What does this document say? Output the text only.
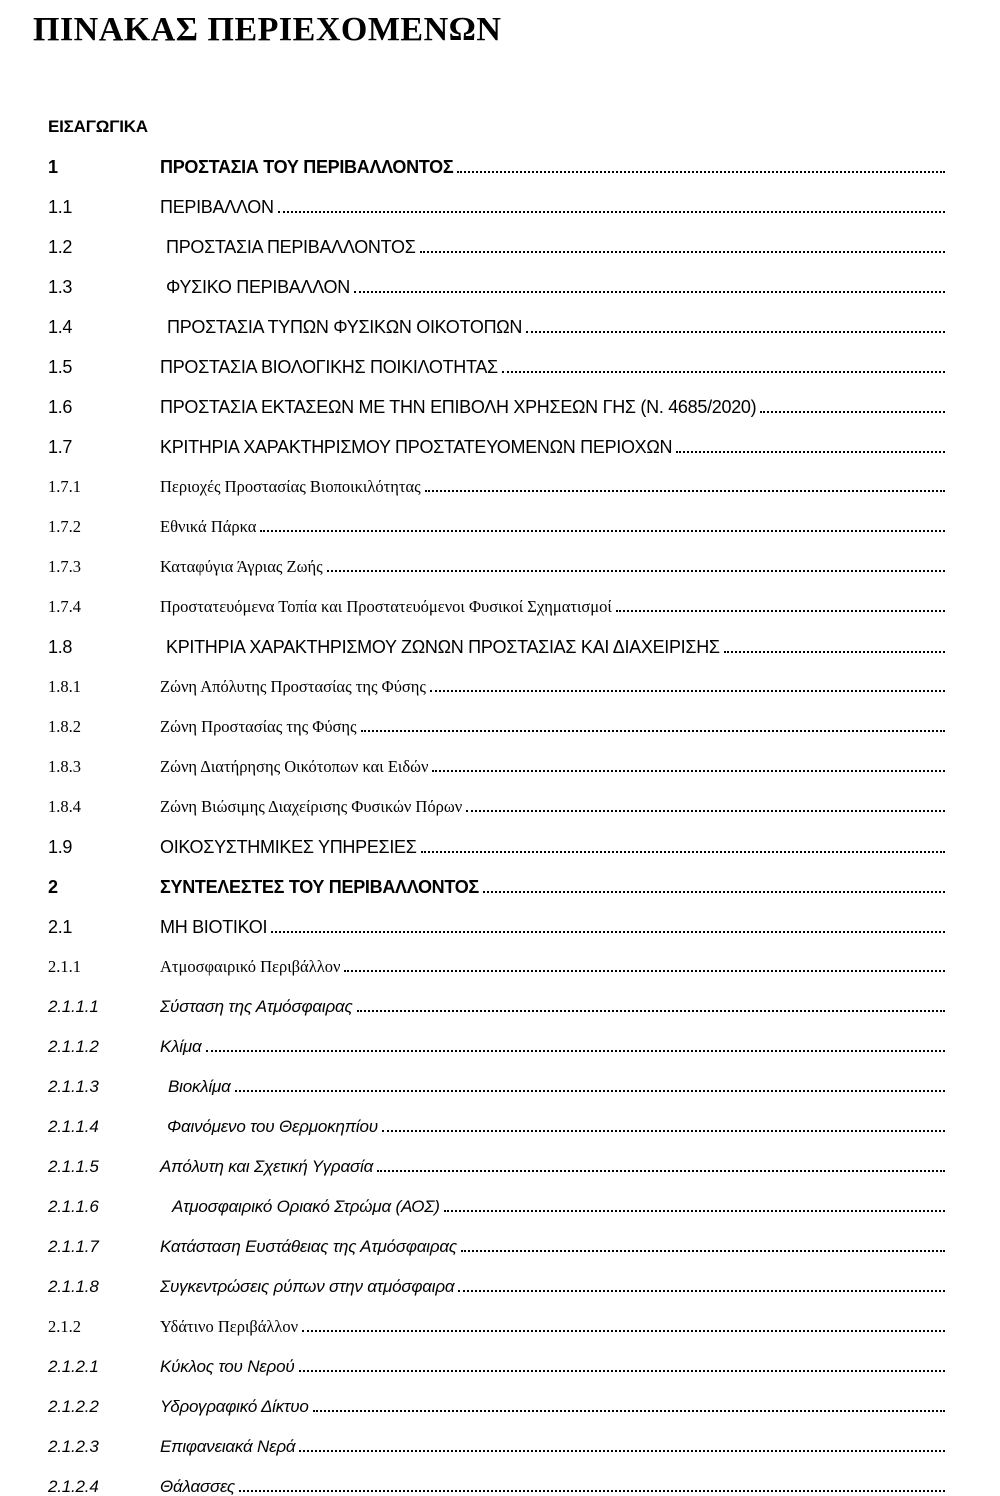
ΠΙΝΑΚΑΣ ΠΕΡΙΕΧΟΜΕΝΩΝ
ΕΙΣΑΓΩΓΙΚΑ
1	ΠΡΟΣΤΑΣΙΑ ΤΟΥ ΠΕΡΙΒΑΛΛΟΝΤΟΣ
1.1	ΠΕΡΙΒΑΛΛΟΝ
1.2	ΠΡΟΣΤΑΣΙΑ ΠΕΡΙΒΑΛΛΟΝΤΟΣ
1.3	ΦΥΣΙΚΟ ΠΕΡΙΒΑΛΛΟΝ
1.4	ΠΡΟΣΤΑΣΙΑ ΤΥΠΩΝ ΦΥΣΙΚΩΝ ΟΙΚΟΤΟΠΩΝ
1.5	ΠΡΟΣΤΑΣΙΑ ΒΙΟΛΟΓΙΚΗΣ ΠΟΙΚΙΛΟΤΗΤΑΣ
1.6	ΠΡΟΣΤΑΣΙΑ ΕΚΤΑΣΕΩΝ ΜΕ ΤΗΝ ΕΠΙΒΟΛΗ ΧΡΗΣΕΩΝ ΓΗΣ (Ν. 4685/2020)
1.7	ΚΡΙΤΗΡΙΑ ΧΑΡΑΚΤΗΡΙΣΜΟΥ ΠΡΟΣΤΑΤΕΥΟΜΕΝΩΝ ΠΕΡΙΟΧΩΝ
1.7.1	Περιοχές Προστασίας Βιοποικιλότητας
1.7.2	Εθνικά Πάρκα
1.7.3	Καταφύγια Άγριας Ζωής
1.7.4	Προστατευόμενα Τοπία και Προστατευόμενοι Φυσικοί Σχηματισμοί
1.8	ΚΡΙΤΗΡΙΑ ΧΑΡΑΚΤΗΡΙΣΜΟΥ ΖΩΝΩΝ ΠΡΟΣΤΑΣΙΑΣ ΚΑΙ ΔΙΑΧΕΙΡΙΣΗΣ
1.8.1	Ζώνη Απόλυτης Προστασίας της Φύσης
1.8.2	Ζώνη Προστασίας της Φύσης
1.8.3	Ζώνη Διατήρησης Οικότοπων και Ειδών
1.8.4	Ζώνη Βιώσιμης Διαχείρισης Φυσικών Πόρων
1.9	ΟΙΚΟΣΥΣΤΗΜΙΚΕΣ ΥΠΗΡΕΣΙΕΣ
2	ΣΥΝΤΕΛΕΣΤΕΣ ΤΟΥ ΠΕΡΙΒΑΛΛΟΝΤΟΣ
2.1	ΜΗ ΒΙΟΤΙΚΟΙ
2.1.1	Ατμοσφαιρικό Περιβάλλον
2.1.1.1	Σύσταση της Ατμόσφαιρας
2.1.1.2	Κλίμα
2.1.1.3	Βιοκλίμα
2.1.1.4	Φαινόμενο του Θερμοκηπίου
2.1.1.5	Απόλυτη και Σχετική Υγρασία
2.1.1.6	Ατμοσφαιρικό Οριακό Στρώμα (ΑΟΣ)
2.1.1.7	Κατάσταση Ευστάθειας της Ατμόσφαιρας
2.1.1.8	Συγκεντρώσεις ρύπων στην ατμόσφαιρα
2.1.2	Υδάτινο Περιβάλλον
2.1.2.1	Κύκλος του Νερού
2.1.2.2	Υδρογραφικό Δίκτυο
2.1.2.3	Επιφανειακά Νερά
2.1.2.4	Θάλασσες
